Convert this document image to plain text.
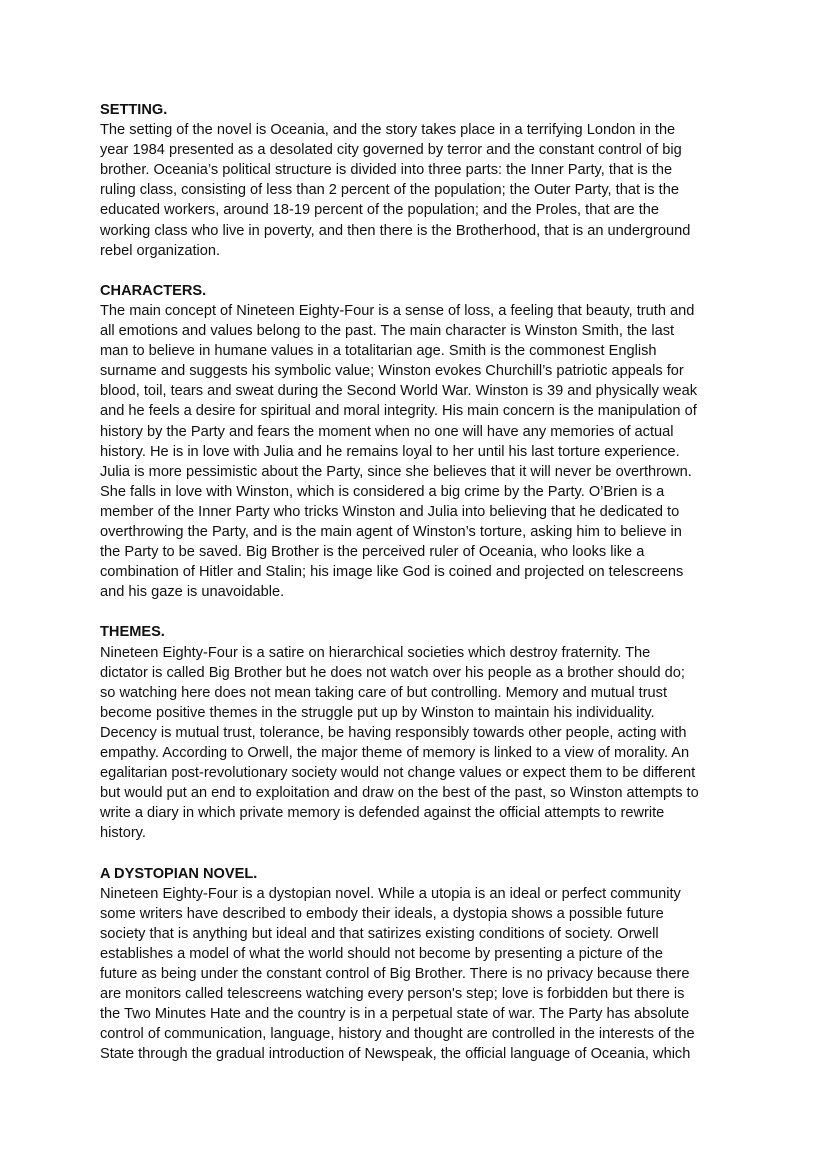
SETTING.
The setting of the novel is Oceania, and the story takes place in a terrifying London in the
year 1984 presented as a desolated city governed by terror and the constant control of big
brother. Oceania’s political structure is divided into three parts: the Inner Party, that is the
ruling class, consisting of less than 2 percent of the population; the Outer Party, that is the
educated workers, around 18-19 percent of the population; and the Proles, that are the
working class who live in poverty, and then there is the Brotherhood, that is an underground
rebel organization.
CHARACTERS.
The main concept of Nineteen Eighty-Four is a sense of loss, a feeling that beauty, truth and
all emotions and values belong to the past. The main character is Winston Smith, the last
man to believe in humane values in a totalitarian age. Smith is the commonest English
surname and suggests his symbolic value; Winston evokes Churchill’s patriotic appeals for
blood, toil, tears and sweat during the Second World War. Winston is 39 and physically weak
and he feels a desire for spiritual and moral integrity. His main concern is the manipulation of
history by the Party and fears the moment when no one will have any memories of actual
history. He is in love with Julia and he remains loyal to her until his last torture experience.
Julia is more pessimistic about the Party, since she believes that it will never be overthrown.
She falls in love with Winston, which is considered a big crime by the Party. O’Brien is a
member of the Inner Party who tricks Winston and Julia into believing that he dedicated to
overthrowing the Party, and is the main agent of Winston’s torture, asking him to believe in
the Party to be saved. Big Brother is the perceived ruler of Oceania, who looks like a
combination of Hitler and Stalin; his image like God is coined and projected on telescreens
and his gaze is unavoidable.
THEMES.
Nineteen Eighty-Four is a satire on hierarchical societies which destroy fraternity. The
dictator is called Big Brother but he does not watch over his people as a brother should do;
so watching here does not mean taking care of but controlling. Memory and mutual trust
become positive themes in the struggle put up by Winston to maintain his individuality.
Decency is mutual trust, tolerance, be having responsibly towards other people, acting with
empathy. According to Orwell, the major theme of memory is linked to a view of morality. An
egalitarian post-revolutionary society would not change values or expect them to be different
but would put an end to exploitation and draw on the best of the past, so Winston attempts to
write a diary in which private memory is defended against the official attempts to rewrite
history.
A DYSTOPIAN NOVEL.
Nineteen Eighty-Four is a dystopian novel. While a utopia is an ideal or perfect community
some writers have described to embody their ideals, a dystopia shows a possible future
society that is anything but ideal and that satirizes existing conditions of society. Orwell
establishes a model of what the world should not become by presenting a picture of the
future as being under the constant control of Big Brother. There is no privacy because there
are monitors called telescreens watching every person's step; love is forbidden but there is
the Two Minutes Hate and the country is in a perpetual state of war. The Party has absolute
control of communication, language, history and thought are controlled in the interests of the
State through the gradual introduction of Newspeak, the official language of Oceania, which
